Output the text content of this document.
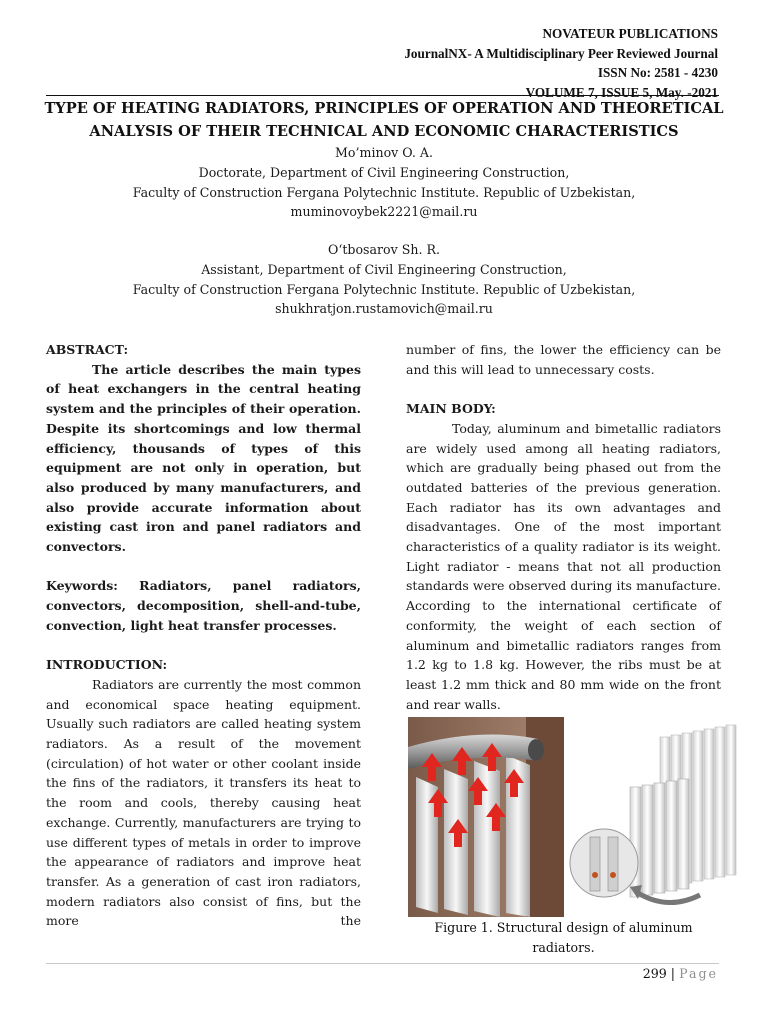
NOVATEUR PUBLICATIONS
JournalNX- A Multidisciplinary Peer Reviewed Journal
ISSN No: 2581 - 4230
VOLUME 7, ISSUE 5, May. -2021
TYPE OF HEATING RADIATORS, PRINCIPLES OF OPERATION AND THEORETICAL
ANALYSIS OF THEIR TECHNICAL AND ECONOMIC CHARACTERISTICS
Mo’minov O. A.
Doctorate, Department of Civil Engineering Construction,
Faculty of Construction Fergana Polytechnic Institute. Republic of Uzbekistan,
muminovoybek2221@mail.ru
O‘tbosarov Sh. R.
Assistant, Department of Civil Engineering Construction,
Faculty of Construction Fergana Polytechnic Institute. Republic of Uzbekistan,
shukhratjon.rustamovich@mail.ru

ABSTRACT:

The article describes the main types of heat exchangers in the central heating system and the principles of their operation. Despite its shortcomings and low thermal efficiency, thousands of types of this equipment are not only in operation, but also produced by many manufacturers, and also provide accurate information about existing cast iron and panel radiators and convectors.

Keywords: Radiators, panel radiators, convectors, decomposition, shell-and-tube, convection, light heat transfer processes.

INTRODUCTION:

Radiators are currently the most common and economical space heating equipment. Usually such radiators are called heating system radiators. As a result of the movement (circulation) of hot water or other coolant inside the fins of the radiators, it transfers its heat to the room and cools, thereby causing heat exchange. Currently, manufacturers are trying to use different types of metals in order to improve the appearance of radiators and improve heat transfer. As a generation of cast iron radiators, modern radiators also consist of fins, but the more the

number of fins, the lower the efficiency can be and this will lead to unnecessary costs.

MAIN BODY:

Today, aluminum and bimetallic radiators are widely used among all heating radiators, which are gradually being phased out from the outdated batteries of the previous generation. Each radiator has its own advantages and disadvantages. One of the most important characteristics of a quality radiator is its weight. Light radiator - means that not all production standards were observed during its manufacture. According to the international certificate of conformity, the weight of each section of aluminum and bimetallic radiators ranges from 1.2 kg to 1.8 kg. However, the ribs must be at least 1.2 mm thick and 80 mm wide on the front and rear walls.

Figure 1. Structural design of aluminum radiators.
299 | Page
